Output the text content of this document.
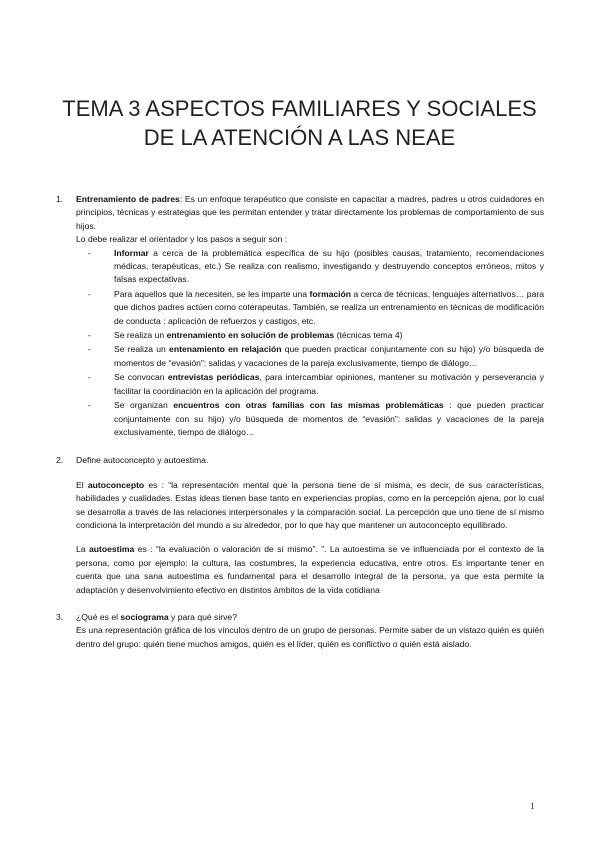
TEMA 3 ASPECTOS FAMILIARES Y SOCIALES
DE LA ATENCIÓN A LAS NEAE
1. Entrenamiento de padres: Es un enfoque terapéutico que consiste en capacitar a madres, padres u otros cuidadores en principios, técnicas y estrategias que les permitan entender y tratar directamente los problemas de comportamiento de sus hijos.

Lo debe realizar el orientador y los pasos a seguir son :

- Informar a cerca de la problemática específica de su hijo (posibles causas, tratamiento, recomendaciones médicas, terapéuticas, etc.) Se realiza con realismo, investigando y destruyendo conceptos erróneos, mitos y falsas expectativas.
- Para aquellos que la necesiten, se les imparte una formación a cerca de técnicas, lenguajes alternativos… para que dichos padres actúen como coterapeutas. También, se realiza un entrenamiento en técnicas de modificación de conducta : aplicación de refuerzos y castigos, etc.
- Se realiza un entrenamiento en solución de problemas (técnicas tema 4)
- Se realiza un entenamiento en relajación que pueden practicar conjuntamente con su hijo) y/o búsqueda de momentos de “evasión”: salidas y vacaciones de la pareja exclusivamente, tiempo de diálogo…
- Se convocan entrevistas periódicas, para intercambiar opiniones, mantener su motivación y perseverancia y facilitar la coordinación en la aplicación del programa.
- Se organizan encuentros con otras familias con las mismas problemáticas : que pueden practicar conjuntamente con su hijo) y/o búsqueda de momentos de “evasión”: salidas y vacaciones de la pareja exclusivamente, tiempo de diálogo…
2. Define autoconcepto y autoestima.

El autoconcepto es : “la representación mental que la persona tiene de sí misma, es decir, de sus características, habilidades y cualidades. Estas ideas tienen base tanto en experiencias propias, como en la percepción ajena, por lo cual se desarrolla a través de las relaciones interpersonales y la comparación social. La percepción que uno tiene de sí mismo condiciona la interpretación del mundo a su alrededor, por lo que hay que mantener un autoconcepto equilibrado.

La autoestima es : “la evaluación o valoración de sí mismo”. ”. La autoestima se ve influenciada por el contexto de la persona, como por ejemplo: la cultura, las costumbres, la experiencia educativa, entre otros. Es importante tener en cuenta que una sana autoestima es fundamental para el desarrollo integral de la persona, ya que esta permite la adaptación y desenvolvimiento efectivo en distintos ámbitos de la vida cotidiana

3. ¿Qué es el sociograma y para qué sirve?

Es una representación gráfica de los vínculos dentro de un grupo de personas. Permite saber de un vistazo quién es quién dentro del grupo: quién tiene muchos amigos, quién es el líder, quién es conflictivo o quién está aislado.

1
